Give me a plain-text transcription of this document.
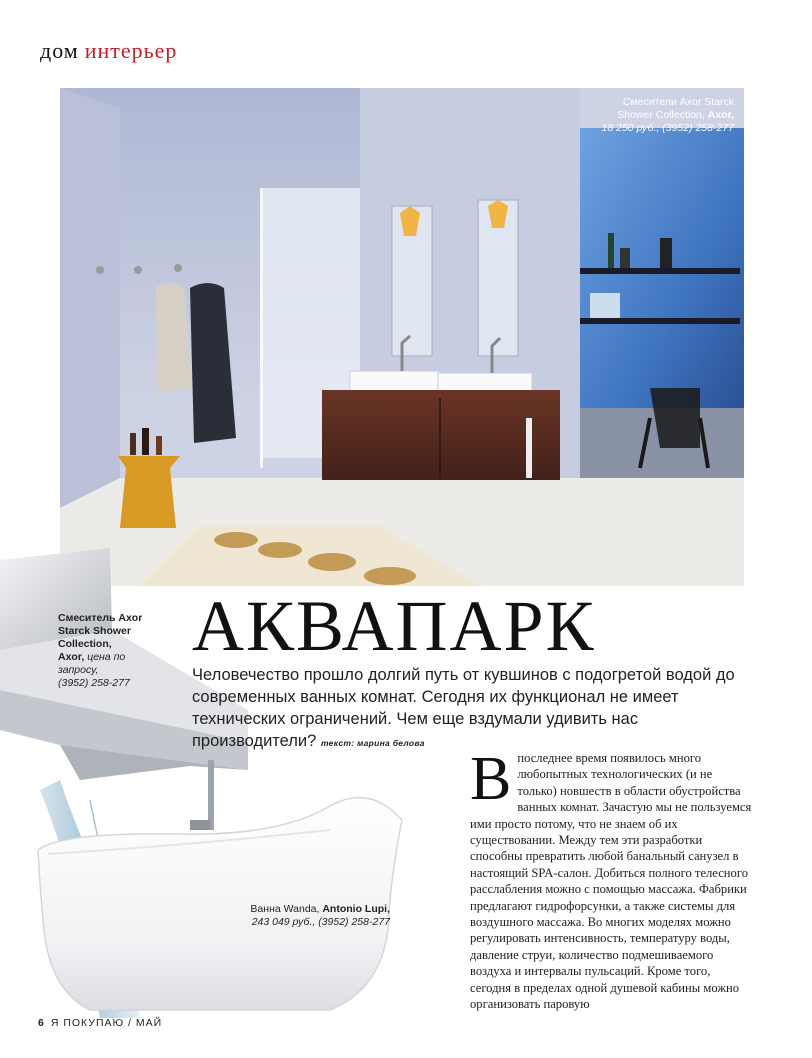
дом интерьер
Смесители Axor Starck Shower Collection, Axor,
18 250 руб., (3952) 258-277
Смеситель Axor Starck Shower Collection,
Axor, цена по запросу,
(3952) 258-277
АКВАПАРК
Человечество прошло долгий путь от кувшинов с подогретой водой до современных ванных комнат. Сегодня их функционал не имеет технических ограничений. Чем еще вздумали удивить нас производители? текст: марина белова
Ванна Wanda, Antonio Lupi,
243 049 руб., (3952) 258-277
В последнее время появилось много любопытных технологических (и не только) новшеств в области обустройства ванных комнат. Зачастую мы не пользуемся ими просто потому, что не знаем об их существовании. Между тем эти разработки способны превратить любой банальный санузел в настоящий SPA-салон. Добиться полного телесного расслабления можно с помощью массажа. Фабрики предлагают гидрофорсунки, а также системы для воздушного массажа. Во многих моделях можно регулировать интенсивность, температуру воды, давление струи, количество подмешиваемого воздуха и интервалы пульсаций. Кроме того, сегодня в пределах одной душевой кабины можно организовать паровую
6 Я ПОКУПАЮ / МАЙ
